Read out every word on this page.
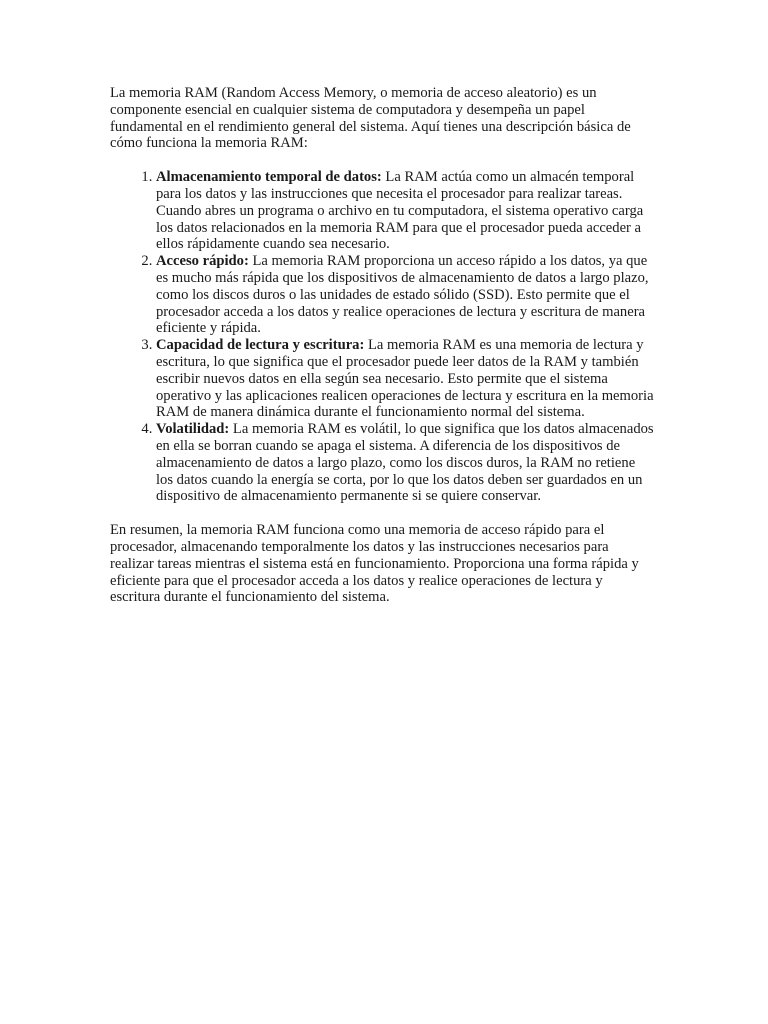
La memoria RAM (Random Access Memory, o memoria de acceso aleatorio) es un componente esencial en cualquier sistema de computadora y desempeña un papel fundamental en el rendimiento general del sistema. Aquí tienes una descripción básica de cómo funciona la memoria RAM:

1. Almacenamiento temporal de datos: La RAM actúa como un almacén temporal para los datos y las instrucciones que necesita el procesador para realizar tareas. Cuando abres un programa o archivo en tu computadora, el sistema operativo carga los datos relacionados en la memoria RAM para que el procesador pueda acceder a ellos rápidamente cuando sea necesario.
2. Acceso rápido: La memoria RAM proporciona un acceso rápido a los datos, ya que es mucho más rápida que los dispositivos de almacenamiento de datos a largo plazo, como los discos duros o las unidades de estado sólido (SSD). Esto permite que el procesador acceda a los datos y realice operaciones de lectura y escritura de manera eficiente y rápida.
3. Capacidad de lectura y escritura: La memoria RAM es una memoria de lectura y escritura, lo que significa que el procesador puede leer datos de la RAM y también escribir nuevos datos en ella según sea necesario. Esto permite que el sistema operativo y las aplicaciones realicen operaciones de lectura y escritura en la memoria RAM de manera dinámica durante el funcionamiento normal del sistema.
4. Volatilidad: La memoria RAM es volátil, lo que significa que los datos almacenados en ella se borran cuando se apaga el sistema. A diferencia de los dispositivos de almacenamiento de datos a largo plazo, como los discos duros, la RAM no retiene los datos cuando la energía se corta, por lo que los datos deben ser guardados en un dispositivo de almacenamiento permanente si se quiere conservar.

En resumen, la memoria RAM funciona como una memoria de acceso rápido para el procesador, almacenando temporalmente los datos y las instrucciones necesarios para realizar tareas mientras el sistema está en funcionamiento. Proporciona una forma rápida y eficiente para que el procesador acceda a los datos y realice operaciones de lectura y escritura durante el funcionamiento del sistema.
